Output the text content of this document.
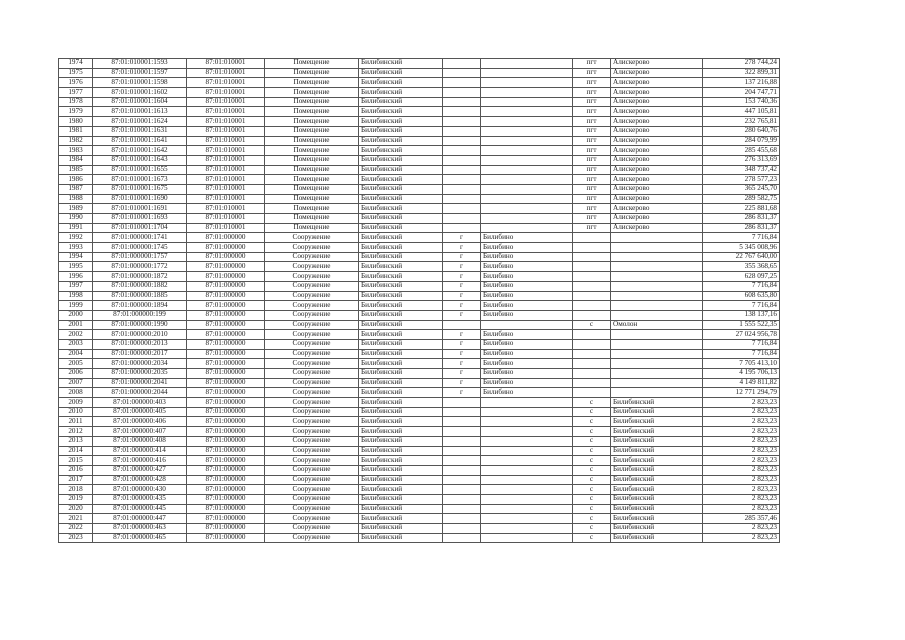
1974	87:01:010001:1593	87:01:010001	Помещение	Билибинский			пгт	Алискерово	278 744,24
1975	87:01:010001:1597	87:01:010001	Помещение	Билибинский			пгт	Алискерово	322 899,31
1976	87:01:010001:1598	87:01:010001	Помещение	Билибинский			пгт	Алискерово	137 216,88
1977	87:01:010001:1602	87:01:010001	Помещение	Билибинский			пгт	Алискерово	204 747,71
1978	87:01:010001:1604	87:01:010001	Помещение	Билибинский			пгт	Алискерово	153 740,36
1979	87:01:010001:1613	87:01:010001	Помещение	Билибинский			пгт	Алискерово	447 105,81
1980	87:01:010001:1624	87:01:010001	Помещение	Билибинский			пгт	Алискерово	232 765,81
1981	87:01:010001:1631	87:01:010001	Помещение	Билибинский			пгт	Алискерово	280 640,76
1982	87:01:010001:1641	87:01:010001	Помещение	Билибинский			пгт	Алискерово	284 079,99
1983	87:01:010001:1642	87:01:010001	Помещение	Билибинский			пгт	Алискерово	285 455,68
1984	87:01:010001:1643	87:01:010001	Помещение	Билибинский			пгт	Алискерово	276 313,69
1985	87:01:010001:1655	87:01:010001	Помещение	Билибинский			пгт	Алискерово	348 737,42
1986	87:01:010001:1673	87:01:010001	Помещение	Билибинский			пгт	Алискерово	278 577,23
1987	87:01:010001:1675	87:01:010001	Помещение	Билибинский			пгт	Алискерово	365 245,70
1988	87:01:010001:1690	87:01:010001	Помещение	Билибинский			пгт	Алискерово	289 582,75
1989	87:01:010001:1691	87:01:010001	Помещение	Билибинский			пгт	Алискерово	225 881,68
1990	87:01:010001:1693	87:01:010001	Помещение	Билибинский			пгт	Алискерово	286 831,37
1991	87:01:010001:1704	87:01:010001	Помещение	Билибинский			пгт	Алискерово	286 831,37
1992	87:01:000000:1741	87:01:000000	Сооружение	Билибинский	г	Билибино			7 716,84
1993	87:01:000000:1745	87:01:000000	Сооружение	Билибинский	г	Билибино			5 345 008,96
1994	87:01:000000:1757	87:01:000000	Сооружение	Билибинский	г	Билибино			22 767 640,00
1995	87:01:000000:1772	87:01:000000	Сооружение	Билибинский	г	Билибино			355 368,65
1996	87:01:000000:1872	87:01:000000	Сооружение	Билибинский	г	Билибино			628 097,25
1997	87:01:000000:1882	87:01:000000	Сооружение	Билибинский	г	Билибино			7 716,84
1998	87:01:000000:1885	87:01:000000	Сооружение	Билибинский	г	Билибино			608 635,80
1999	87:01:000000:1894	87:01:000000	Сооружение	Билибинский	г	Билибино			7 716,84
2000	87:01:000000:199	87:01:000000	Сооружение	Билибинский	г	Билибино			138 137,16
2001	87:01:000000:1990	87:01:000000	Сооружение	Билибинский			с	Омолон	1 555 522,35
2002	87:01:000000:2010	87:01:000000	Сооружение	Билибинский	г	Билибино			27 024 956,78
2003	87:01:000000:2013	87:01:000000	Сооружение	Билибинский	г	Билибино			7 716,84
2004	87:01:000000:2017	87:01:000000	Сооружение	Билибинский	г	Билибино			7 716,84
2005	87:01:000000:2034	87:01:000000	Сооружение	Билибинский	г	Билибино			7 705 413,10
2006	87:01:000000:2035	87:01:000000	Сооружение	Билибинский	г	Билибино			4 195 706,13
2007	87:01:000000:2041	87:01:000000	Сооружение	Билибинский	г	Билибино			4 149 811,82
2008	87:01:000000:2044	87:01:000000	Сооружение	Билибинский	г	Билибино			12 771 294,79
2009	87:01:000000:403	87:01:000000	Сооружение	Билибинский			с	Билибинский	2 823,23
2010	87:01:000000:405	87:01:000000	Сооружение	Билибинский			с	Билибинский	2 823,23
2011	87:01:000000:406	87:01:000000	Сооружение	Билибинский			с	Билибинский	2 823,23
2012	87:01:000000:407	87:01:000000	Сооружение	Билибинский			с	Билибинский	2 823,23
2013	87:01:000000:408	87:01:000000	Сооружение	Билибинский			с	Билибинский	2 823,23
2014	87:01:000000:414	87:01:000000	Сооружение	Билибинский			с	Билибинский	2 823,23
2015	87:01:000000:416	87:01:000000	Сооружение	Билибинский			с	Билибинский	2 823,23
2016	87:01:000000:427	87:01:000000	Сооружение	Билибинский			с	Билибинский	2 823,23
2017	87:01:000000:428	87:01:000000	Сооружение	Билибинский			с	Билибинский	2 823,23
2018	87:01:000000:430	87:01:000000	Сооружение	Билибинский			с	Билибинский	2 823,23
2019	87:01:000000:435	87:01:000000	Сооружение	Билибинский			с	Билибинский	2 823,23
2020	87:01:000000:445	87:01:000000	Сооружение	Билибинский			с	Билибинский	2 823,23
2021	87:01:000000:447	87:01:000000	Сооружение	Билибинский			с	Билибинский	285 357,46
2022	87:01:000000:463	87:01:000000	Сооружение	Билибинский			с	Билибинский	2 823,23
2023	87:01:000000:465	87:01:000000	Сооружение	Билибинский			с	Билибинский	2 823,23
